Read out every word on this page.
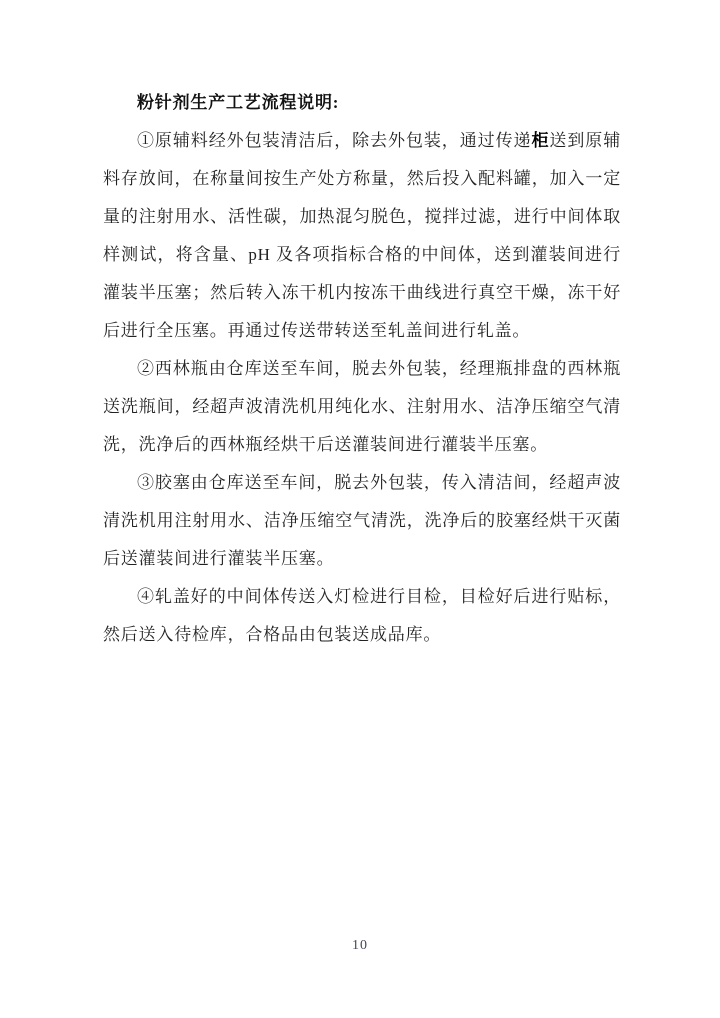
粉针剂生产工艺流程说明:

①原辅料经外包装清洁后，除去外包装，通过传递柜送到原辅料存放间，在称量间按生产处方称量，然后投入配料罐，加入一定量的注射用水、活性碳，加热混匀脱色，搅拌过滤，进行中间体取样测试，将含量、pH 及各项指标合格的中间体，送到灌装间进行灌装半压塞；然后转入冻干机内按冻干曲线进行真空干燥，冻干好后进行全压塞。再通过传送带转送至轧盖间进行轧盖。

②西林瓶由仓库送至车间，脱去外包装，经理瓶排盘的西林瓶送洗瓶间，经超声波清洗机用纯化水、注射用水、洁净压缩空气清洗，洗净后的西林瓶经烘干后送灌装间进行灌装半压塞。

③胶塞由仓库送至车间，脱去外包装，传入清洁间，经超声波清洗机用注射用水、洁净压缩空气清洗，洗净后的胶塞经烘干灭菌后送灌装间进行灌装半压塞。

④轧盖好的中间体传送入灯检进行目检，目检好后进行贴标，然后送入待检库，合格品由包装送成品库。

10
